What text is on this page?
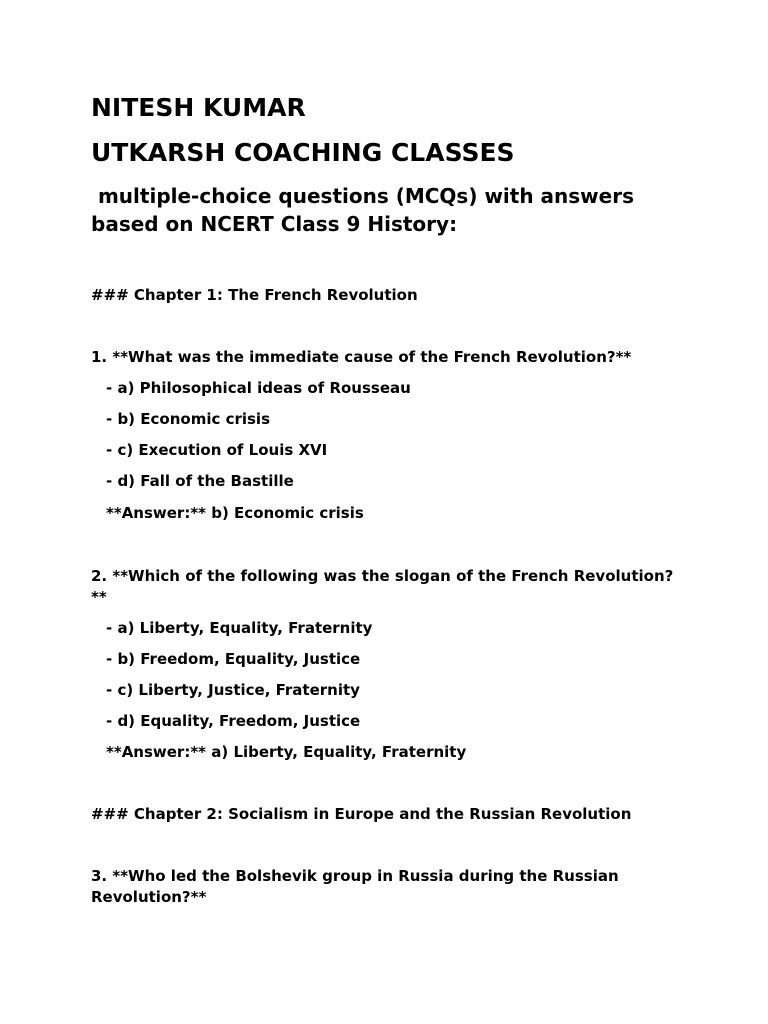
NITESH KUMAR
UTKARSH COACHING CLASSES
multiple-choice questions (MCQs) with answers
based on NCERT Class 9 History:
### Chapter 1: The French Revolution
1. **What was the immediate cause of the French Revolution?**
- a) Philosophical ideas of Rousseau
- b) Economic crisis
- c) Execution of Louis XVI
- d) Fall of the Bastille
**Answer:** b) Economic crisis
2. **Which of the following was the slogan of the French Revolution?
**
- a) Liberty, Equality, Fraternity
- b) Freedom, Equality, Justice
- c) Liberty, Justice, Fraternity
- d) Equality, Freedom, Justice
**Answer:** a) Liberty, Equality, Fraternity
### Chapter 2: Socialism in Europe and the Russian Revolution
3. **Who led the Bolshevik group in Russia during the Russian
Revolution?**
